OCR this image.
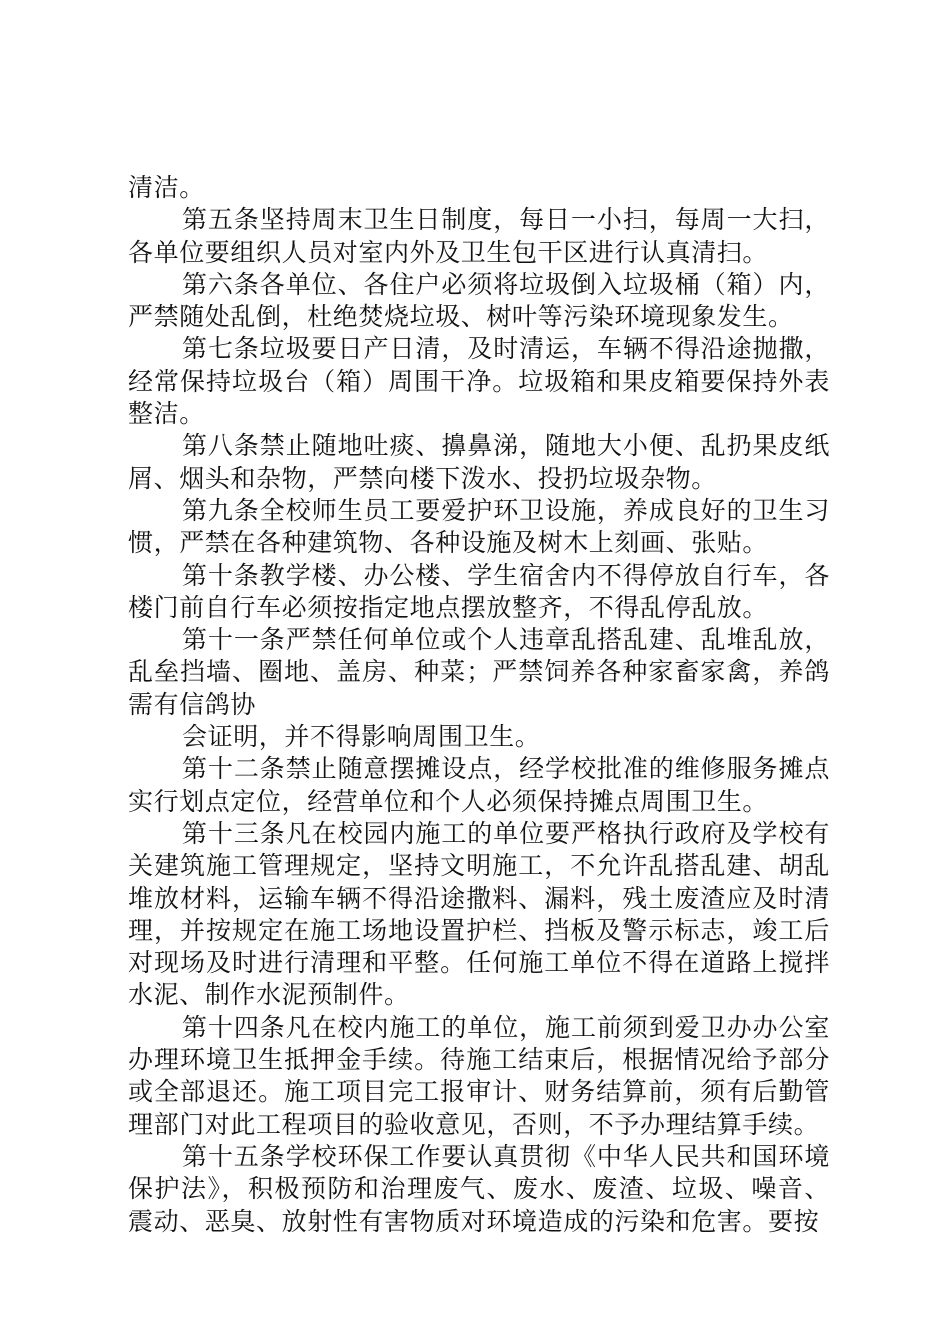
清洁。

第五条坚持周末卫生日制度，每日一小扫，每周一大扫，各单位要组织人员对室内外及卫生包干区进行认真清扫。

第六条各单位、各住户必须将垃圾倒入垃圾桶（箱）内，严禁随处乱倒，杜绝焚烧垃圾、树叶等污染环境现象发生。

第七条垃圾要日产日清，及时清运，车辆不得沿途抛撒，经常保持垃圾台（箱）周围干净。垃圾箱和果皮箱要保持外表整洁。

第八条禁止随地吐痰、擤鼻涕，随地大小便、乱扔果皮纸屑、烟头和杂物，严禁向楼下泼水、投扔垃圾杂物。

第九条全校师生员工要爱护环卫设施，养成良好的卫生习惯，严禁在各种建筑物、各种设施及树木上刻画、张贴。

第十条教学楼、办公楼、学生宿舍内不得停放自行车，各楼门前自行车必须按指定地点摆放整齐，不得乱停乱放。

第十一条严禁任何单位或个人违章乱搭乱建、乱堆乱放，乱垒挡墙、圈地、盖房、种菜；严禁饲养各种家畜家禽，养鸽需有信鸽协

会证明，并不得影响周围卫生。

第十二条禁止随意摆摊设点，经学校批准的维修服务摊点实行划点定位，经营单位和个人必须保持摊点周围卫生。

第十三条凡在校园内施工的单位要严格执行政府及学校有关建筑施工管理规定，坚持文明施工，不允许乱搭乱建、胡乱堆放材料，运输车辆不得沿途撒料、漏料，残土废渣应及时清理，并按规定在施工场地设置护栏、挡板及警示标志，竣工后对现场及时进行清理和平整。任何施工单位不得在道路上搅拌水泥、制作水泥预制件。

第十四条凡在校内施工的单位，施工前须到爱卫办办公室办理环境卫生抵押金手续。待施工结束后，根据情况给予部分或全部退还。施工项目完工报审计、财务结算前，须有后勤管理部门对此工程项目的验收意见，否则，不予办理结算手续。

第十五条学校环保工作要认真贯彻《中华人民共和国环境保护法》，积极预防和治理废气、废水、废渣、垃圾、噪音、震动、恶臭、放射性有害物质对环境造成的污染和危害。要按
